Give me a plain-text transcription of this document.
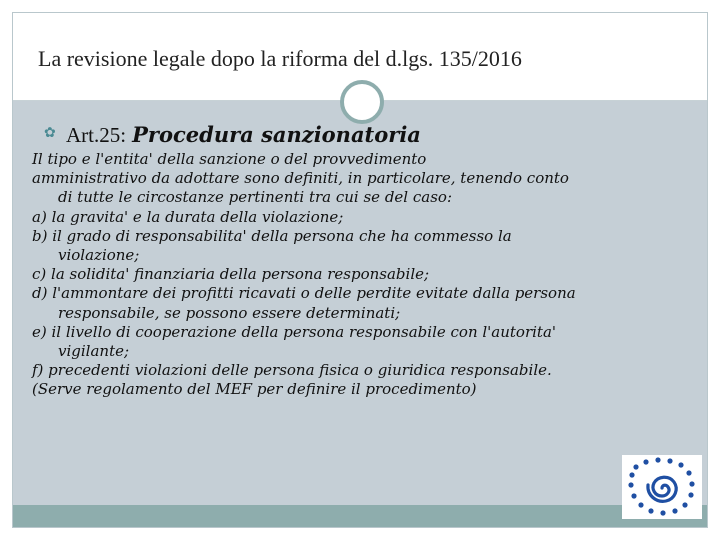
La revisione legale dopo la riforma del d.lgs. 135/2016
✿ Art.25: Procedura sanzionatoria
Il tipo e l'entita' della sanzione o del provvedimento
amministrativo da adottare sono definiti, in particolare, tenendo conto
di tutte le circostanze pertinenti tra cui se del caso:
a) la gravita' e la durata della violazione;
b) il grado di responsabilita' della persona che ha commesso la
violazione;
c) la solidita' finanziaria della persona responsabile;
d) l'ammontare dei profitti ricavati o delle perdite evitate dalla persona
responsabile, se possono essere determinati;
e) il livello di cooperazione della persona responsabile con l'autorita'
vigilante;
f) precedenti violazioni delle persona fisica o giuridica responsabile.
(Serve regolamento del MEF per definire il procedimento)
